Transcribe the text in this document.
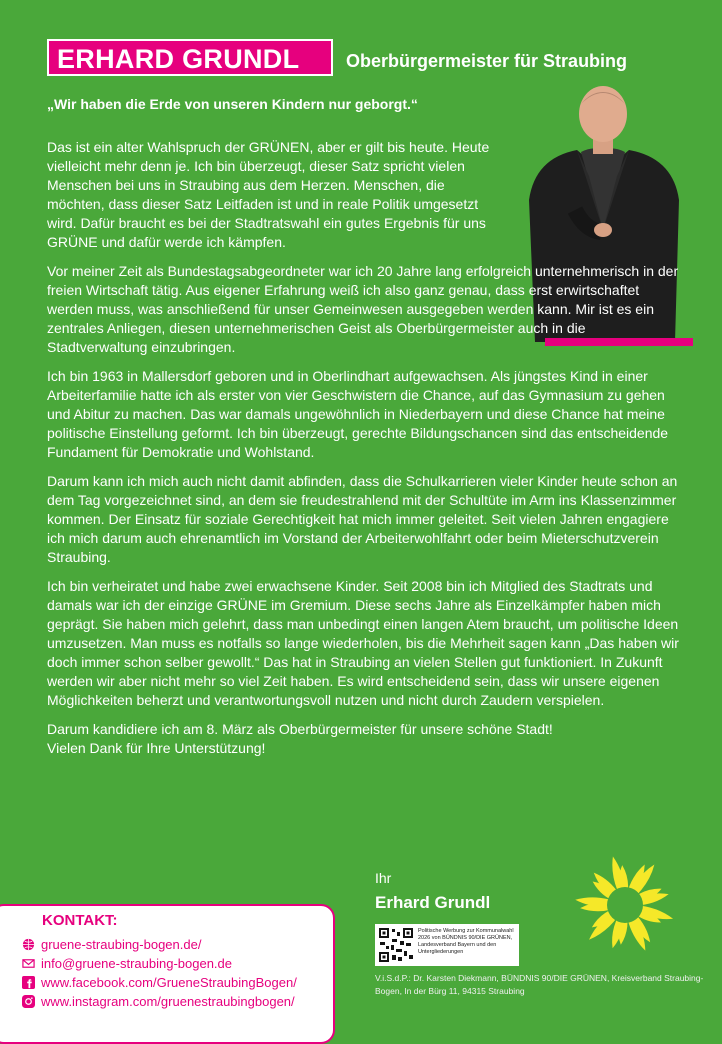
ERHARD GRUNDL	Oberbürgermeister für Straubing
„Wir haben die Erde von unseren Kindern nur geborgt.“

Das ist ein alter Wahlspruch der GRÜNEN, aber er gilt bis heute. Heute vielleicht mehr denn je. Ich bin überzeugt, dieser Satz spricht vielen Menschen bei uns in Straubing aus dem Herzen. Menschen, die möchten, dass dieser Satz Leitfaden ist und in reale Politik umgesetzt wird. Dafür braucht es bei der Stadtratswahl ein gutes Ergebnis für uns GRÜNE und dafür werde ich kämpfen.

Vor meiner Zeit als Bundestagsabgeordneter war ich 20 Jahre lang erfolgreich unternehmerisch in der freien Wirtschaft tätig. Aus eigener Erfahrung weiß ich also ganz genau, dass erst erwirtschaftet werden muss, was anschließend für unser Gemeinwesen ausgegeben werden kann. Mir ist es ein zentrales Anliegen, diesen unternehmerischen Geist als Oberbürgermeister auch in die Stadtverwaltung einzubringen.

Ich bin 1963 in Mallersdorf geboren und in Oberlindhart aufgewachsen. Als jüngstes Kind in einer Arbeiterfamilie hatte ich als erster von vier Geschwistern die Chance, auf das Gymnasium zu gehen und Abitur zu machen. Das war damals ungewöhnlich in Niederbayern und diese Chance hat meine politische Einstellung geformt. Ich bin überzeugt, gerechte Bildungschancen sind das entscheidende Fundament für Demokratie und Wohlstand.

Darum kann ich mich auch nicht damit abfinden, dass die Schulkarrieren vieler Kinder heute schon an dem Tag vorgezeichnet sind, an dem sie freudestrahlend mit der Schultüte im Arm ins Klassenzimmer kommen. Der Einsatz für soziale Gerechtigkeit hat mich immer geleitet. Seit vielen Jahren engagiere ich mich darum auch ehrenamtlich im Vorstand der Arbeiterwohlfahrt oder beim Mieterschutzverein Straubing.

Ich bin verheiratet und habe zwei erwachsene Kinder. Seit 2008 bin ich Mitglied des Stadtrats und damals war ich der einzige GRÜNE im Gremium. Diese sechs Jahre als Einzelkämpfer haben mich geprägt. Sie haben mich gelehrt, dass man unbedingt einen langen Atem braucht, um politische Ideen umzusetzen. Man muss es notfalls so lange wiederholen, bis die Mehrheit sagen kann „Das haben wir doch immer schon selber gewollt.“ Das hat in Straubing an vielen Stellen gut funktioniert. In Zukunft werden wir aber nicht mehr so viel Zeit haben. Es wird entscheidend sein, dass wir unsere eigenen Möglichkeiten beherzt und verantwortungsvoll nutzen und nicht durch Zaudern verspielen.

Darum kandidiere ich am 8. März als Oberbürgermeister für unsere schöne Stadt!

Vielen Dank für Ihre Unterstützung!

Ihr
Erhard Grundl
KONTAKT:
gruene-straubing-bogen.de/
info@gruene-straubing-bogen.de
www.facebook.com/GrueneStraubingBogen/
www.instagram.com/gruenestraubingbogen/
Politische Werbung zur Kommunalwahl 2026 von BÜNDNIS 90/DIE GRÜNEN, Landesverband Bayern und den Untergliederungen
V.i.S.d.P.: Dr. Karsten Diekmann, BÜNDNIS 90/DIE GRÜNEN, Kreisverband Straubing-Bogen, In der Bürg 11, 94315 Straubing
